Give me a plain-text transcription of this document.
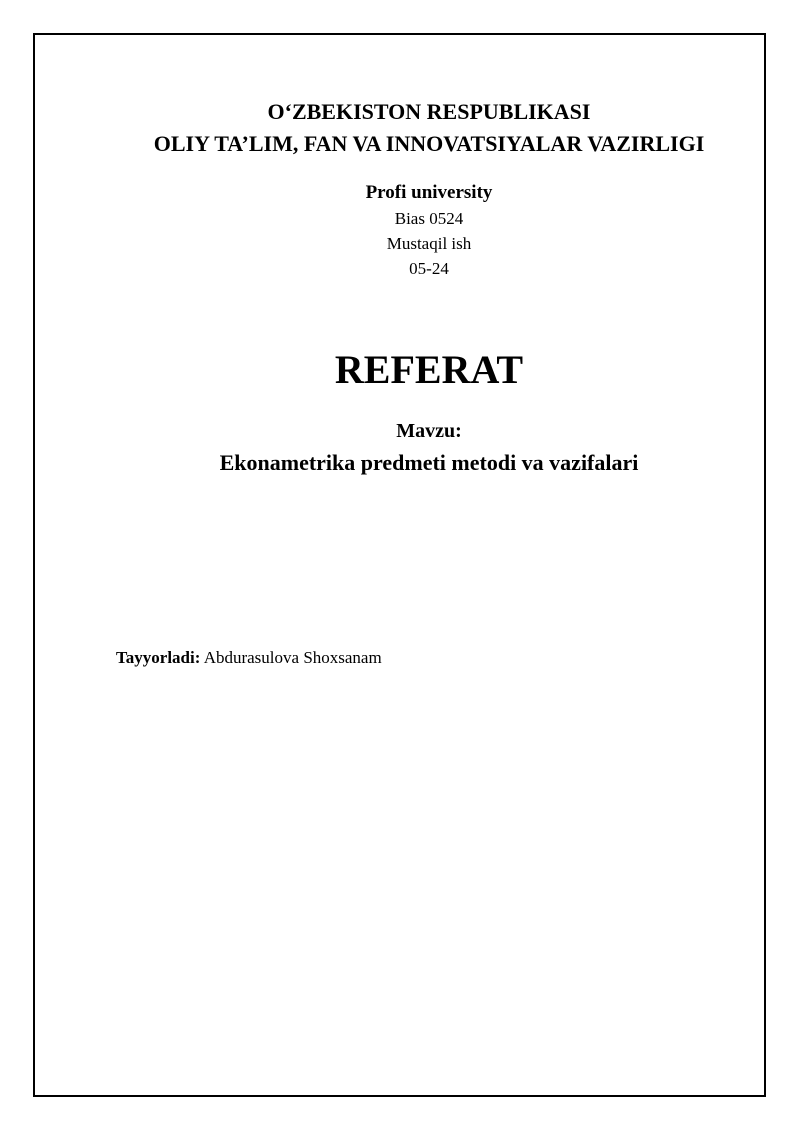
O‘ZBEKISTON RESPUBLIKASI

OLIY TA’LIM, FAN VA INNOVATSIYALAR VAZIRLIGI

Profi university

Bias 0524

Mustaqil ish

05-24

REFERAT

Mavzu:

Ekonametrika predmeti metodi va vazifalari

Tayyorladi: Abdurasulova Shoxsanam
